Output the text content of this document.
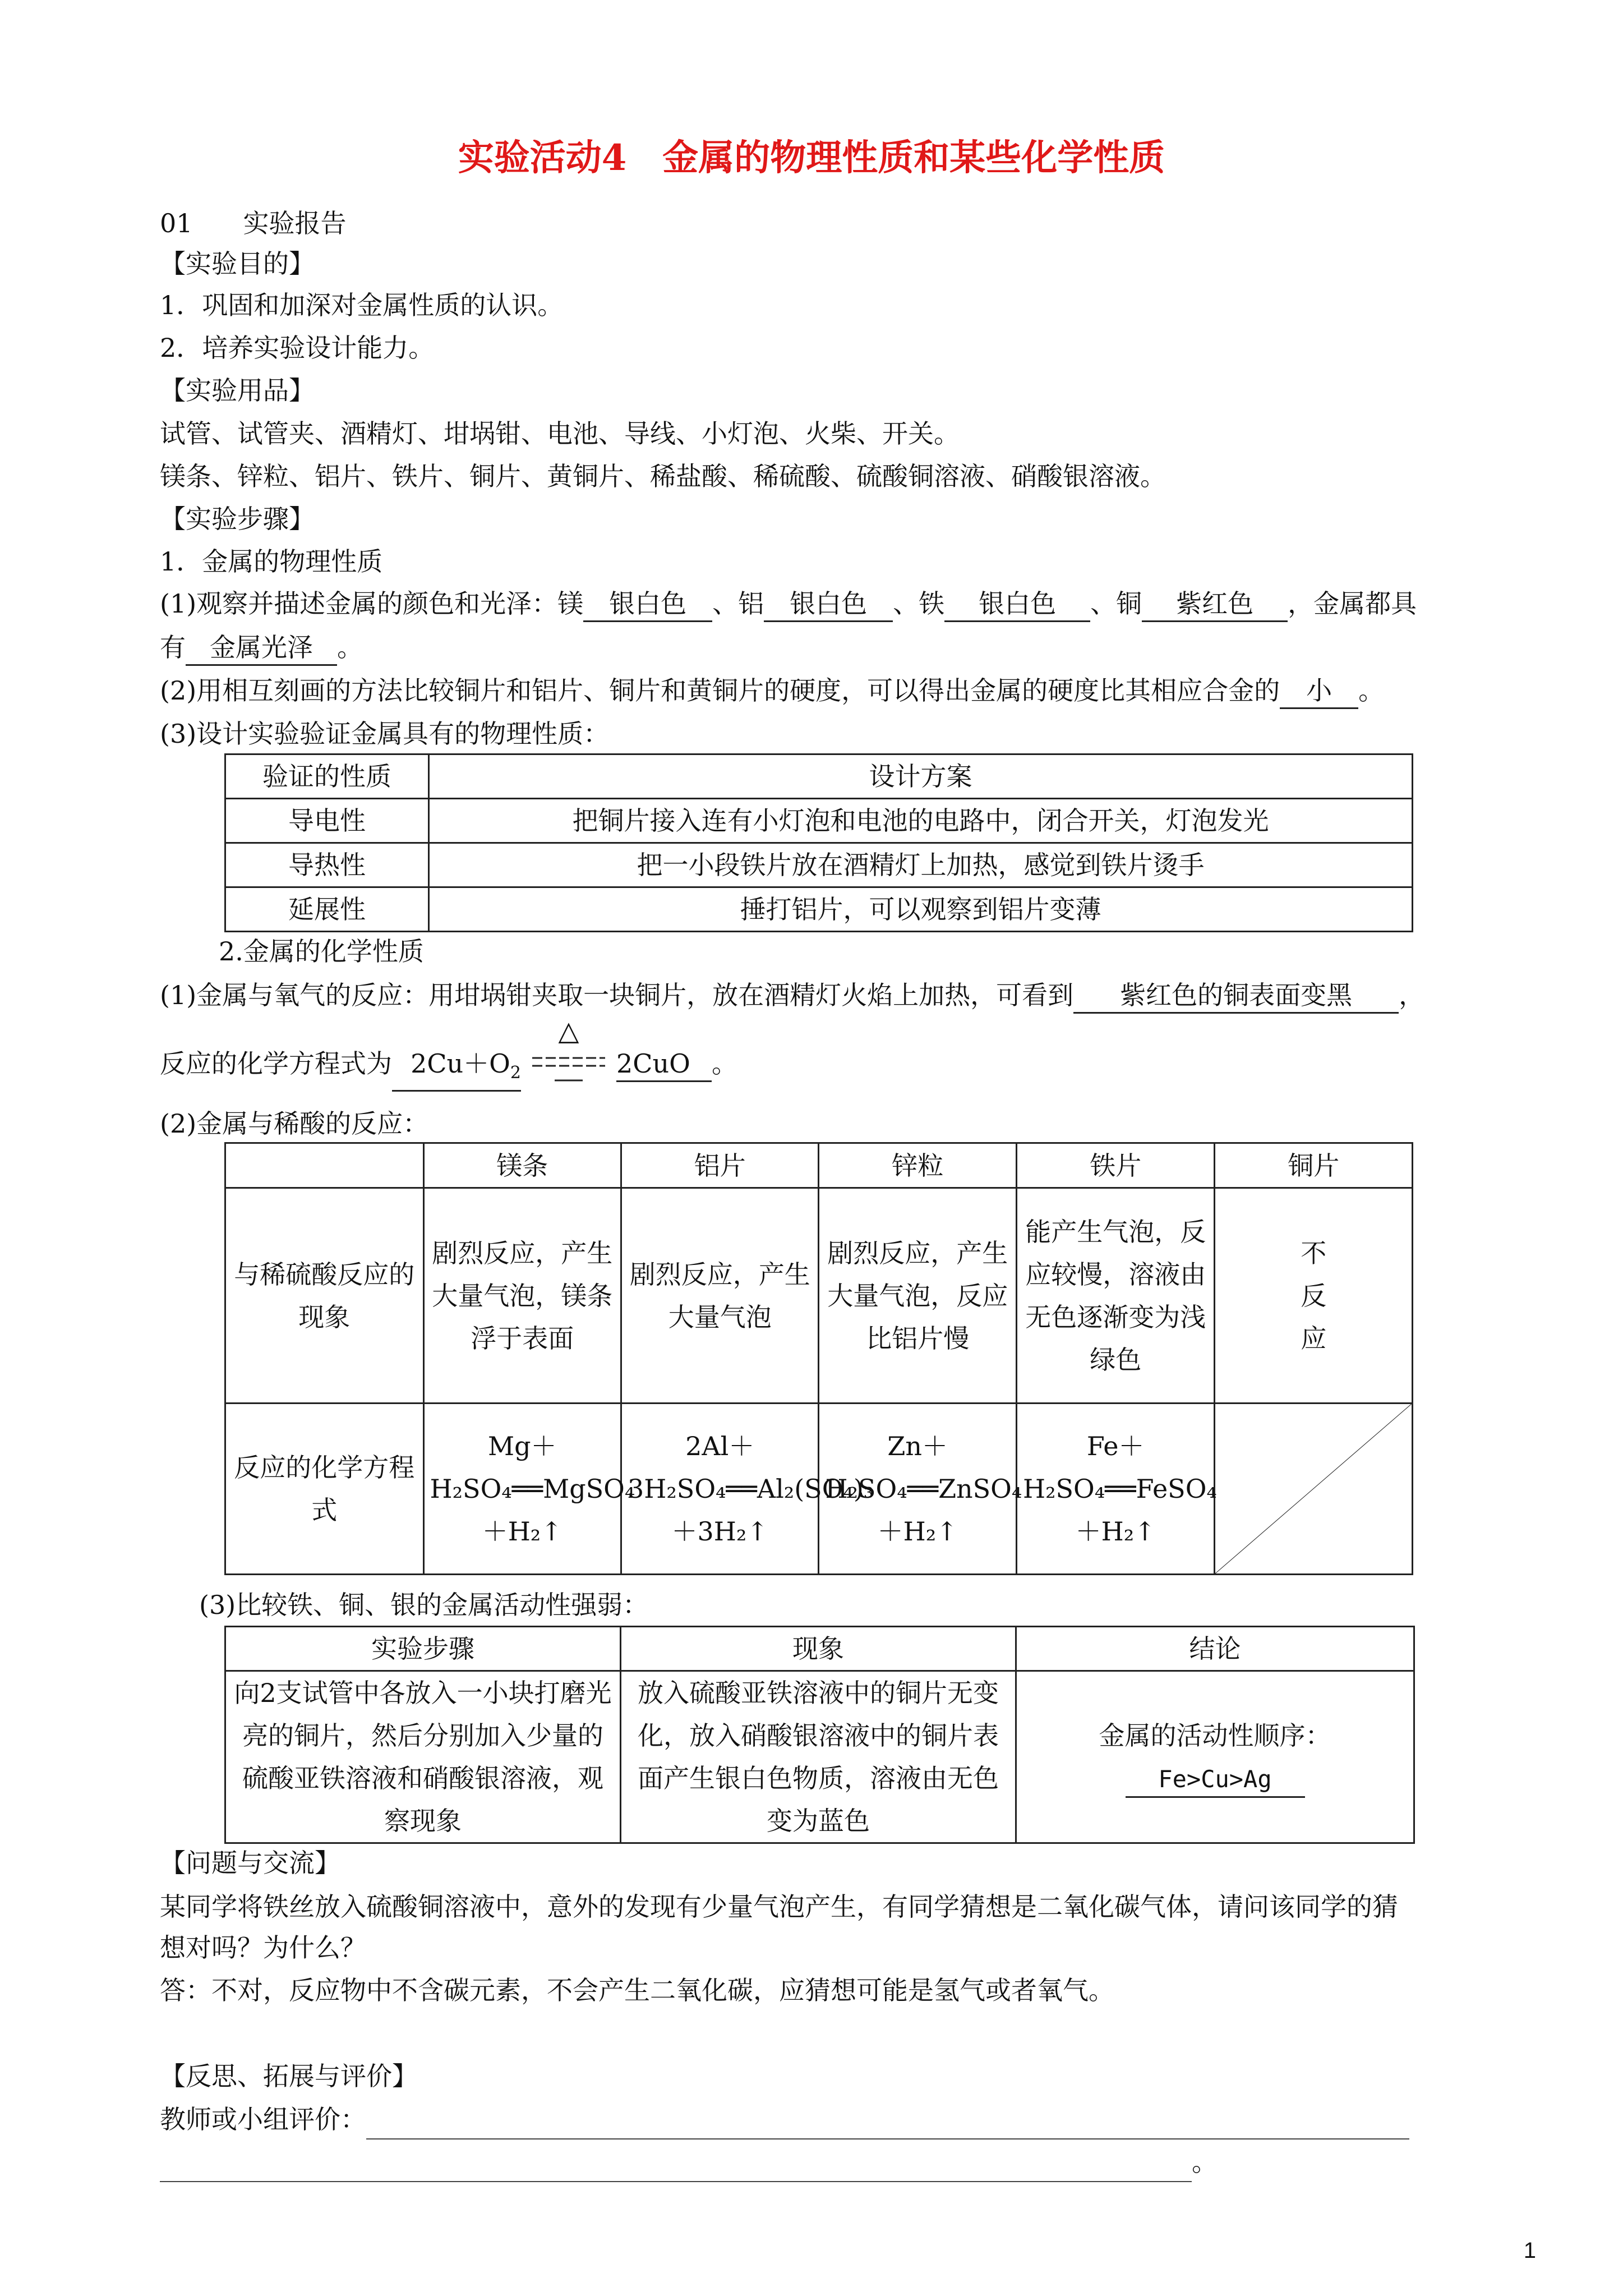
实验活动4　金属的物理性质和某些化学性质
01 实验报告
【实验目的】
1．巩固和加深对金属性质的认识。
2．培养实验设计能力。
【实验用品】
试管、试管夹、酒精灯、坩埚钳、电池、导线、小灯泡、火柴、开关。
镁条、锌粒、铝片、铁片、铜片、黄铜片、稀盐酸、稀硫酸、硫酸铜溶液、硝酸银溶液。
【实验步骤】
1．金属的物理性质
(1)观察并描述金属的颜色和光泽：镁 银白色 、铝 银白色 、铁 银白色 、铜 紫红色 ，金属都具
有 金属光泽 。
(2)用相互刻画的方法比较铜片和铝片、铜片和黄铜片的硬度，可以得出金属的硬度比其相应合金的 小 。
(3)设计实验验证金属具有的物理性质：
验证的性质	设计方案
导电性	把铜片接入连有小灯泡和电池的电路中，闭合开关，灯泡发光
导热性	把一小段铁片放在酒精灯上加热，感觉到铁片烫手
延展性	捶打铝片，可以观察到铝片变薄
2.金属的化学性质
(1)金属与氧气的反应：用坩埚钳夹取一块铜片，放在酒精灯火焰上加热，可看到 紫红色的铜表面变黑 ，
反应的化学方程式为 $2Cu+O_2$
△
2CuO 。
(2)金属与稀酸的反应：
	镁条	铝片	锌粒	铁片	铜片
与稀硫酸反应的现象	剧烈反应，产生大量气泡，镁条浮于表面	剧烈反应，产生大量气泡	剧烈反应，产生大量气泡，反应比铝片慢	能产生气泡，反应较慢，溶液由无色逐渐变为浅绿色	不反应
反应的化学方程式	Mg＋H₂SO₄══MgSO₄＋H₂↑	2Al＋3H₂SO₄══Al₂(SO₄)₃＋3H₂↑	Zn＋H₂SO₄══ZnSO₄＋H₂↑	Fe＋H₂SO₄══FeSO₄＋H₂↑	
(3)比较铁、铜、银的金属活动性强弱：
实验步骤	现象	结论
向2支试管中各放入一小块打磨光亮的铜片，然后分别加入少量的硫酸亚铁溶液和硝酸银溶液，观察现象	放入硫酸亚铁溶液中的铜片无变化，放入硝酸银溶液中的铜片表面产生银白色物质，溶液由无色变为蓝色	金属的活动性顺序：
Fe>Cu>Ag
【问题与交流】
某同学将铁丝放入硫酸铜溶液中，意外的发现有少量气泡产生，有同学猜想是二氧化碳气体，请问该同学的猜
想对吗？为什么？
答：不对，反应物中不含碳元素，不会产生二氧化碳，应猜想可能是氢气或者氧气。
【反思、拓展与评价】
教师或小组评价：
。
1
